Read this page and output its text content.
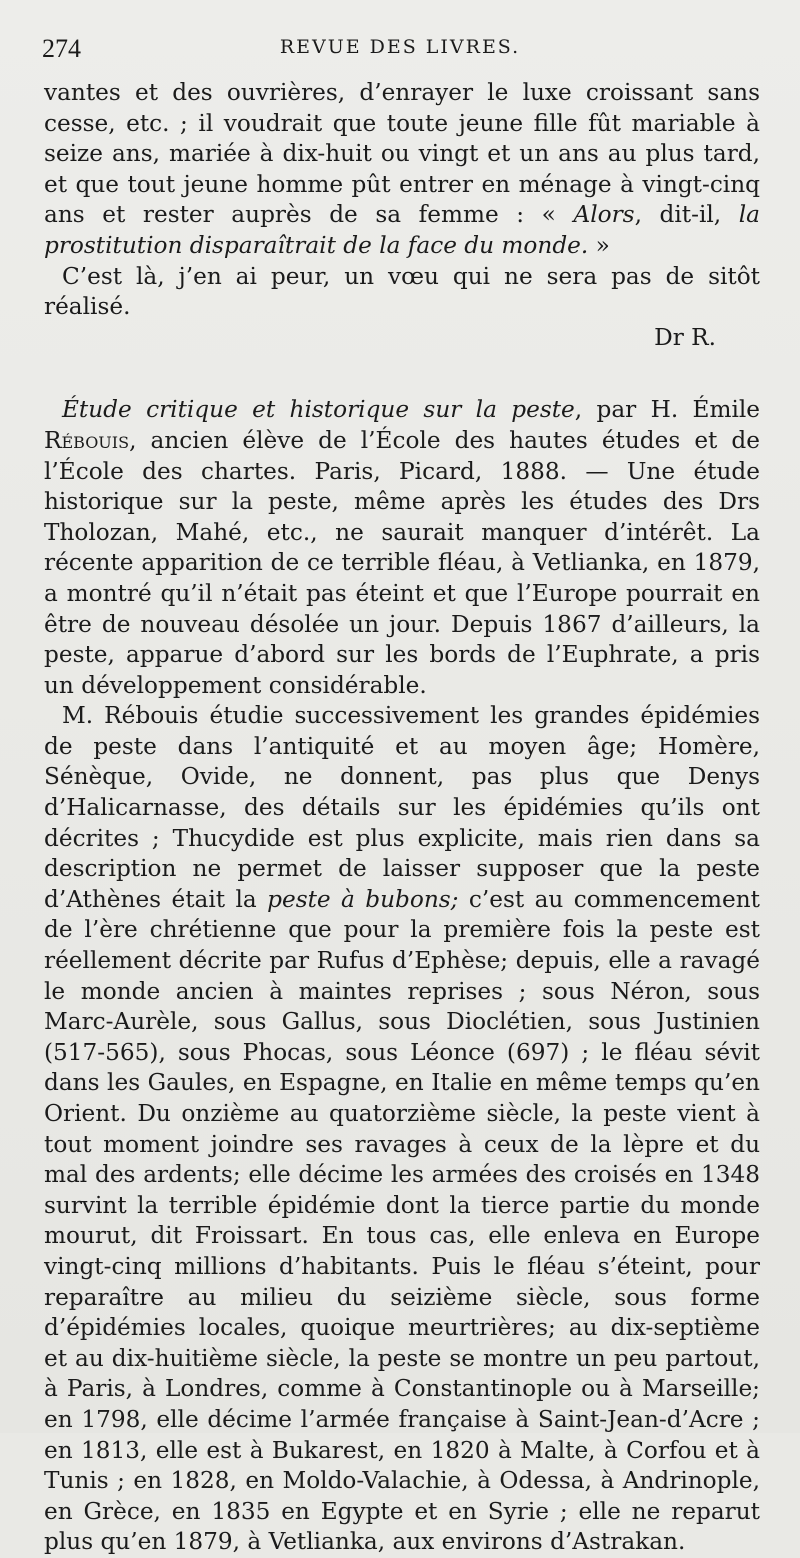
274	REVUE DES LIVRES.

vantes et des ouvrières, d’enrayer le luxe croissant sans cesse, etc. ; il voudrait que toute jeune fille fût mariable à seize ans, mariée à dix-huit ou vingt et un ans au plus tard, et que tout jeune homme pût entrer en ménage à vingt-cinq ans et rester auprès de sa femme : « Alors, dit-il, la prostitution disparaîtrait de la face du monde. »

C’est là, j’en ai peur, un vœu qui ne sera pas de sitôt réalisé.

Dr R.

Étude critique et historique sur la peste, par H. Émile Rébouis, ancien élève de l’École des hautes études et de l’École des chartes. Paris, Picard, 1888. — Une étude historique sur la peste, même après les études des Drs Tholozan, Mahé, etc., ne saurait manquer d’intérêt. La récente apparition de ce terrible fléau, à Vetlianka, en 1879, a montré qu’il n’était pas éteint et que l’Europe pourrait en être de nouveau désolée un jour. Depuis 1867 d’ailleurs, la peste, apparue d’abord sur les bords de l’Euphrate, a pris un développement considérable.

M. Rébouis étudie successivement les grandes épidémies de peste dans l’antiquité et au moyen âge; Homère, Sénèque, Ovide, ne donnent, pas plus que Denys d’Halicarnasse, des détails sur les épidémies qu’ils ont décrites ; Thucydide est plus explicite, mais rien dans sa description ne permet de laisser supposer que la peste d’Athènes était la peste à bubons; c’est au commencement de l’ère chrétienne que pour la première fois la peste est réellement décrite par Rufus d’Ephèse; depuis, elle a ravagé le monde ancien à maintes reprises ; sous Néron, sous Marc-Aurèle, sous Gallus, sous Dioclétien, sous Justinien (517-565), sous Phocas, sous Léonce (697) ; le fléau sévit dans les Gaules, en Espagne, en Italie en même temps qu’en Orient. Du onzième au quatorzième siècle, la peste vient à tout moment joindre ses ravages à ceux de la lèpre et du mal des ardents; elle décime les armées des croisés en 1348 survint la terrible épidémie dont la tierce partie du monde mourut, dit Froissart. En tous cas, elle enleva en Europe vingt-cinq millions d’habitants. Puis le fléau s’éteint, pour reparaître au milieu du seizième siècle, sous forme d’épidémies locales, quoique meurtrières; au dix-septième et au dix-huitième siècle, la peste se montre un peu partout, à Paris, à Londres, comme à Constantinople ou à Marseille; en 1798, elle décime l’armée française à Saint-Jean-d’Acre ; en 1813, elle est à Bukarest, en 1820 à Malte, à Corfou et à Tunis ; en 1828, en Moldo-Valachie, à Odessa, à Andrinople, en Grèce, en 1835 en Egypte et en Syrie ; elle ne reparut plus qu’en 1879, à Vetlianka, aux environs d’Astrakan.
